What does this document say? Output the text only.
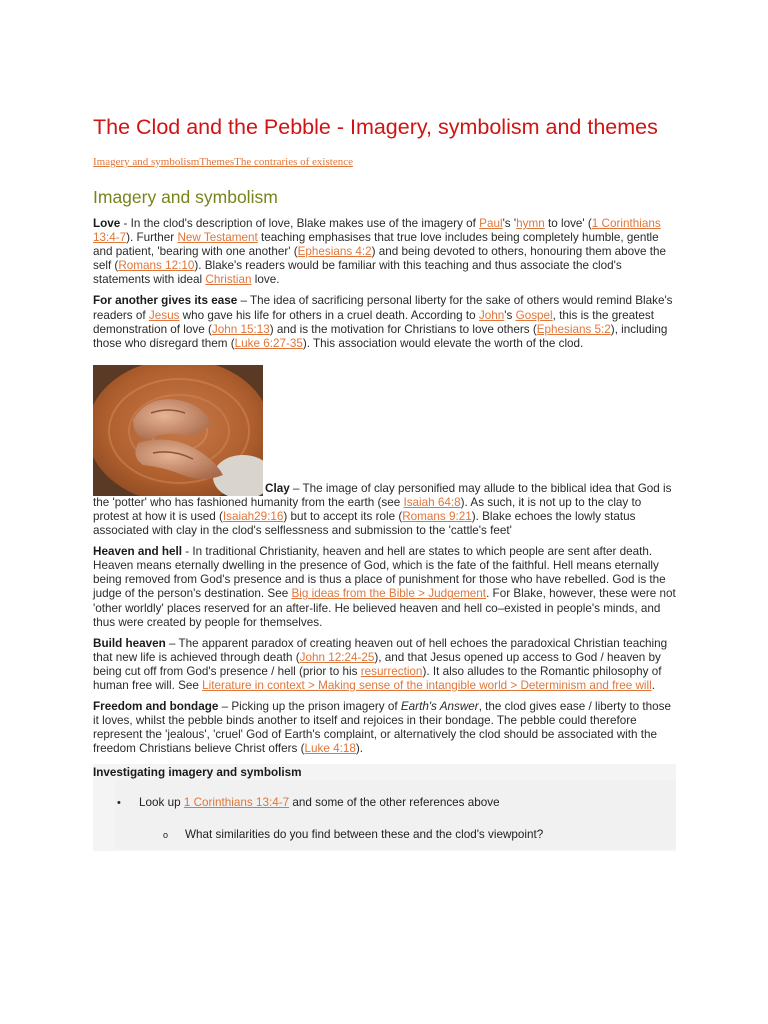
The Clod and the Pebble - Imagery, symbolism and themes
Imagery and symbolismThemesThe contraries of existence
Imagery and symbolism

Love - In the clod's description of love, Blake makes use of the imagery of Paul's 'hymn to love' (1 Corinthians 13:4-7). Further New Testament teaching emphasises that true love includes being completely humble, gentle and patient, 'bearing with one another' (Ephesians 4:2) and being devoted to others, honouring them above the self (Romans 12:10). Blake's readers would be familiar with this teaching and thus associate the clod's statements with ideal Christian love.

For another gives its ease – The idea of sacrificing personal liberty for the sake of others would remind Blake's readers of Jesus who gave his life for others in a cruel death. According to John's Gospel, this is the greatest demonstration of love (John 15:13) and is the motivation for Christians to love others (Ephesians 5:2), including those who disregard them (Luke 6:27-35). This association would elevate the worth of the clod.

Clay – The image of clay personified may allude to the biblical idea that God is the 'potter' who has fashioned humanity from the earth (see Isaiah 64:8). As such, it is not up to the clay to protest at how it is used (Isaiah29:16) but to accept its role (Romans 9:21). Blake echoes the lowly status associated with clay in the clod's selflessness and submission to the 'cattle's feet'

Heaven and hell - In traditional Christianity, heaven and hell are states to which people are sent after death. Heaven means eternally dwelling in the presence of God, which is the fate of the faithful. Hell means eternally being removed from God's presence and is thus a place of punishment for those who have rebelled. God is the judge of the person's destination. See Big ideas from the Bible > Judgement. For Blake, however, these were not 'other worldly' places reserved for an after-life. He believed heaven and hell co–existed in people's minds, and thus were created by people for themselves.

Build heaven – The apparent paradox of creating heaven out of hell echoes the paradoxical Christian teaching that new life is achieved through death (John 12:24-25), and that Jesus opened up access to God / heaven by being cut off from God's presence / hell (prior to his resurrection). It also alludes to the Romantic philosophy of human free will. See Literature in context > Making sense of the intangible world > Determinism and free will.

Freedom and bondage – Picking up the prison imagery of Earth's Answer, the clod gives ease / liberty to those it loves, whilst the pebble binds another to itself and rejoices in their bondage. The pebble could therefore represent the 'jealous', 'cruel' God of Earth's complaint, or alternatively the clod should be associated with the freedom Christians believe Christ offers (Luke 4:18).

Investigating imagery and symbolism
• Look up 1 Corinthians 13:4-7 and some of the other references above
o What similarities do you find between these and the clod's viewpoint?
